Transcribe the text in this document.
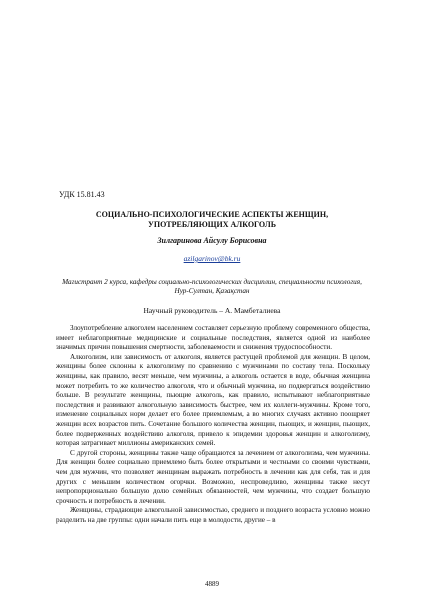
УДК 15.81.43
СОЦИАЛЬНО-ПСИХОЛОГИЧЕСКИЕ АСПЕКТЫ ЖЕНЩИН,
УПОТРЕБЛЯЮЩИХ АЛКОГОЛЬ
Зилгаринова Айсулу Борисовна
azilgarinov@bk.ru
Магистрант 2 курса, кафедры социально-психологических дисциплин, специальности психология, Нур-Султан, Қазақстан
Научный руководитель – А. Мамбеталиева

Злоупотребление алкоголем населением составляет серьезную проблему современного общества, имеет неблагоприятные медицинские и социальные последствия, является одной из наиболее значимых причин повышения смертности, заболеваемости и снижения трудоспособности.

Алкоголизм, или зависимость от алкоголя, является растущей проблемой для женщин. В целом, женщины более склонны к алкоголизму по сравнению с мужчинами по составу тела. Поскольку женщины, как правило, весят меньше, чем мужчины, а алкоголь остается в воде, обычная женщина может потребить то же количество алкоголя, что и обычный мужчина, но подвергаться воздействию больше. В результате женщины, пьющие алкоголь, как правило, испытывают неблагоприятные последствия и развивают алкогольную зависимость быстрее, чем их коллеги-мужчины. Кроме того, изменение социальных норм делает его более приемлемым, а во многих случаях активно поощряет женщин всех возрастов пить. Сочетание большого количества женщин, пьющих, и женщин, пьющих, более подверженных воздействию алкоголя, привело к эпидемии здоровья женщин и алкоголизму, которая затрагивает миллионы американских семей.

С другой стороны, женщины также чаще обращаются за лечением от алкоголизма, чем мужчины. Для женщин более социально приемлемо быть более открытыми и честными со своими чувствами, чем для мужчин, что позволяет женщинам выражать потребность в лечении как для себя, так и для других с меньшим количеством огорчки. Возможно, неспроведливо, женщины также несут непропорционально большую долю семейных обязанностей, чем мужчины, что создает большую срочность и потребность в лечении.

Женщины, страдающие алкогольной зависимостью, среднего и позднего возраста условно можно разделить на две группы: одни начали пить еще в молодости, другие – в

4889
